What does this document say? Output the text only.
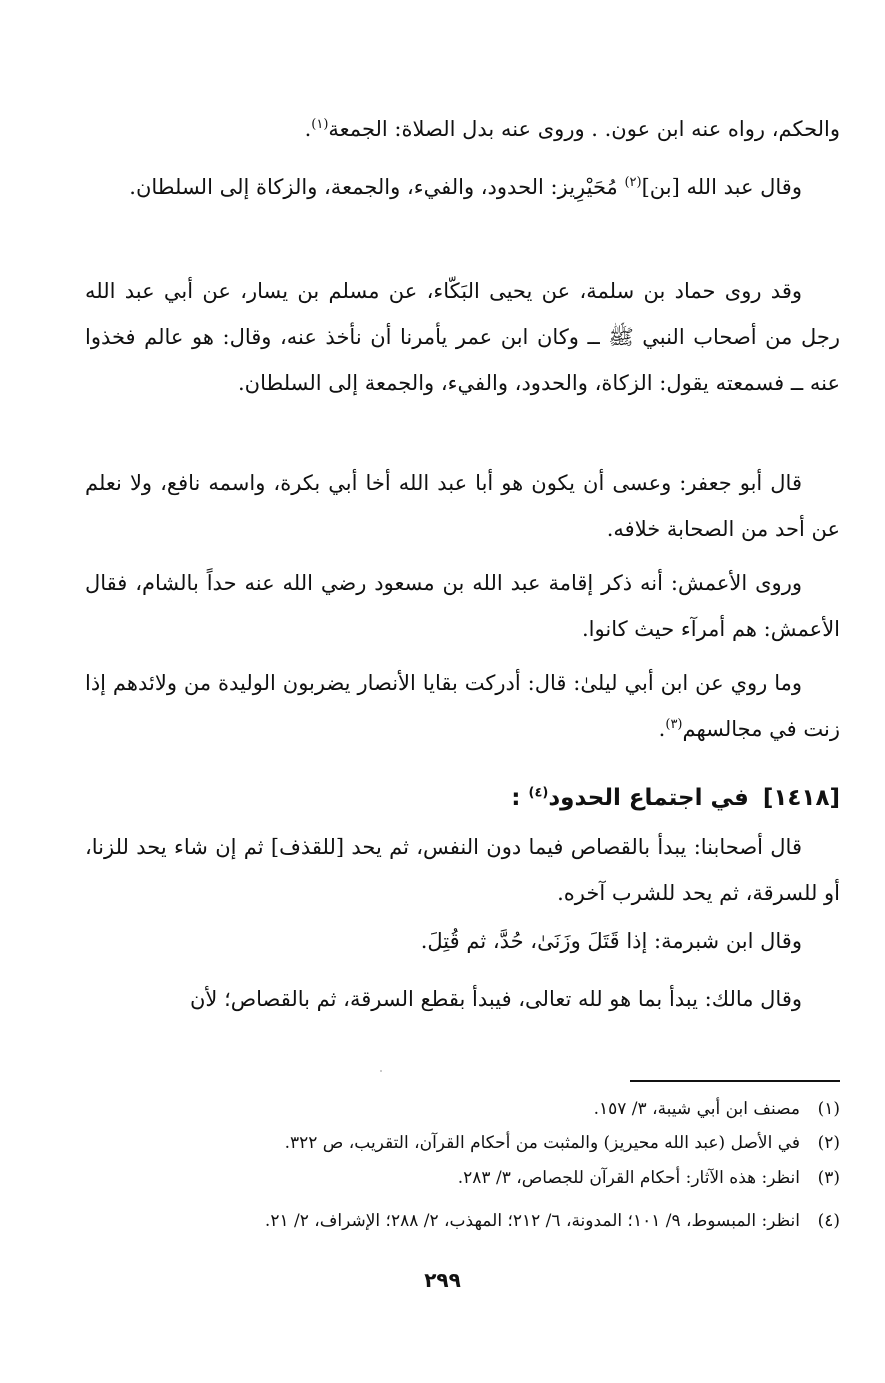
والحكم، رواه عنه ابن عون. . وروى عنه بدل الصلاة: الجمعة$^{(١)}$.

وقال عبد الله [بن]$^{(٢)}$ مُحَيْرِيز: الحدود، والفيء، والجمعة، والزكاة إلى السلطان.

وقد روى حماد بن سلمة، عن يحيى البَكّاء، عن مسلم بن يسار، عن أبي عبد الله رجل من أصحاب النبي ﷺ ــ وكان ابن عمر يأمرنا أن نأخذ عنه، وقال: هو عالم فخذوا عنه ــ فسمعته يقول: الزكاة، والحدود، والفيء، والجمعة إلى السلطان.

قال أبو جعفر: وعسى أن يكون هو أبا عبد الله أخا أبي بكرة، واسمه نافع، ولا نعلم عن أحد من الصحابة خلافه.

وروى الأعمش: أنه ذكر إقامة عبد الله بن مسعود رضي الله عنه حداً بالشام، فقال الأعمش: هم أمرآء حيث كانوا.

وما روي عن ابن أبي ليلىٰ: قال: أدركت بقايا الأنصار يضربون الوليدة من ولائدهم إذا زنت في مجالسهم$^{(٣)}$.

[١٤١٨]في اجتماع الحدود$^{(٤)}$ :

قال أصحابنا: يبدأ بالقصاص فيما دون النفس، ثم يحد [للقذف] ثم إن شاء يحد للزنا، أو للسرقة، ثم يحد للشرب آخره.

وقال ابن شبرمة: إذا قَتَلَ وزَنَىٰ، حُدَّ، ثم قُتِلَ.

وقال مالك: يبدأ بما هو لله تعالى، فيبدأ بقطع السرقة، ثم بالقصاص؛ لأن

(١)مصنف ابن أبي شيبة، ٣/ ١٥٧.
(٢)في الأصل (عبد الله محيريز) والمثبت من أحكام القرآن، التقريب، ص ٣٢٢.
(٣)انظر: هذه الآثار: أحكام القرآن للجصاص، ٣/ ٢٨٣.
(٤)انظر: المبسوط، ٩/ ١٠١؛ المدونة، ٦/ ٢١٢؛ المهذب، ٢/ ٢٨٨؛ الإشراف، ٢/ ٢١.
٢٩٩
